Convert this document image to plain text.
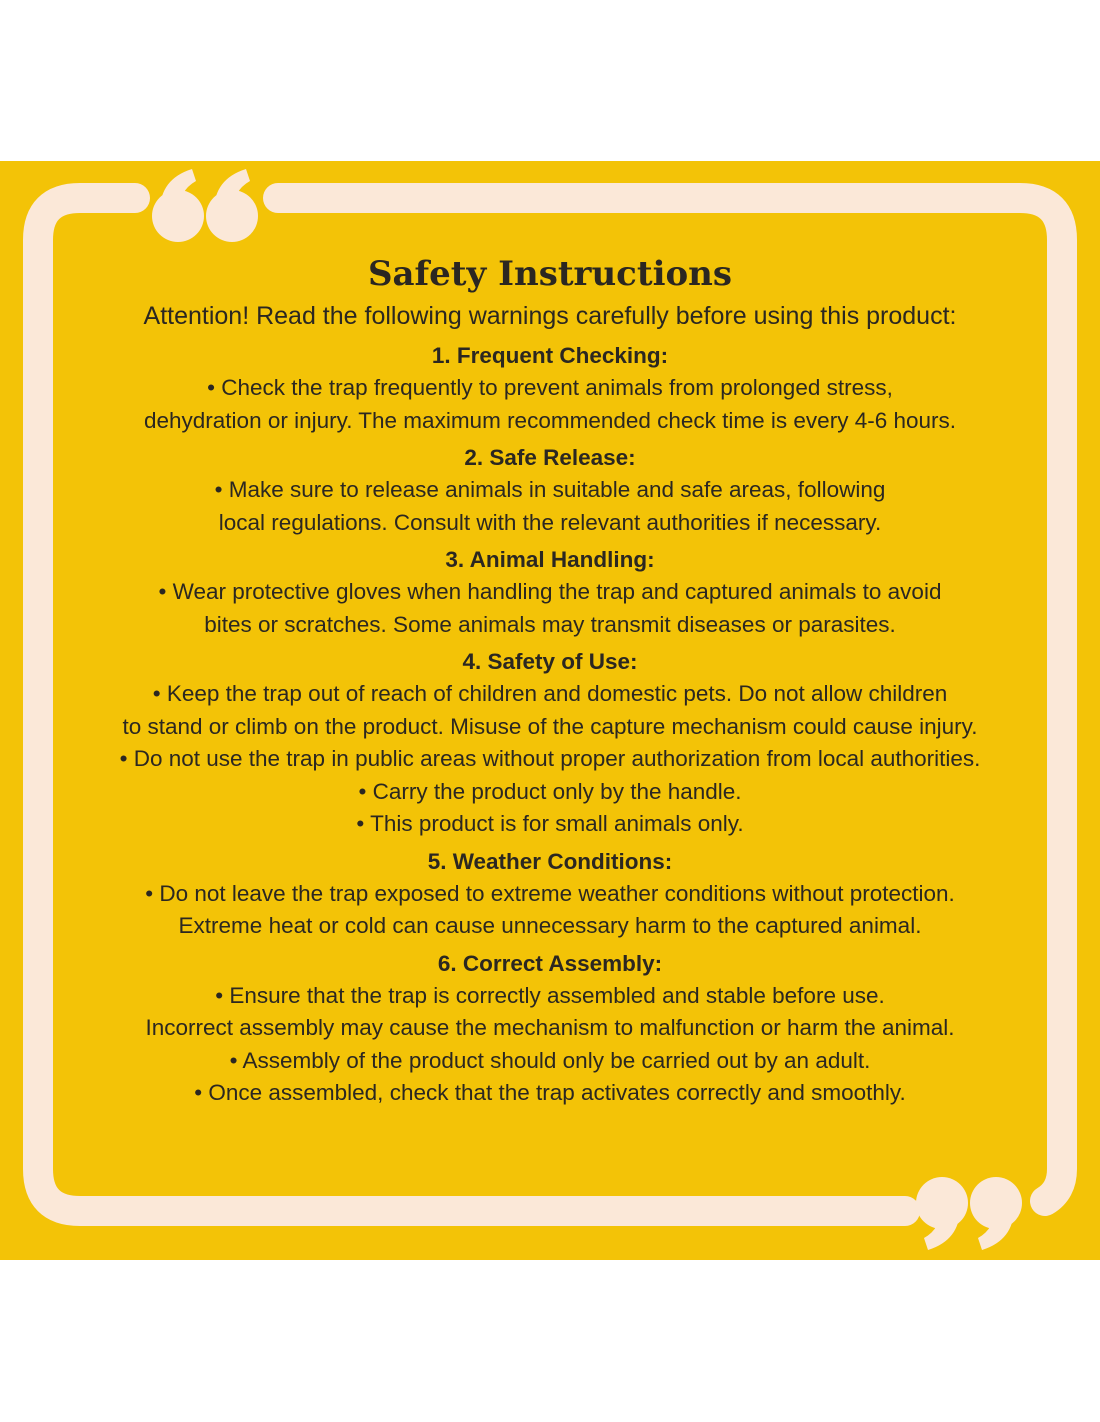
Safety Instructions

Attention! Read the following warnings carefully before using this product:

1. Frequent Checking:

• Check the trap frequently to prevent animals from prolonged stress,

dehydration or injury. The maximum recommended check time is every 4-6 hours.

2. Safe Release:

• Make sure to release animals in suitable and safe areas, following

local regulations. Consult with the relevant authorities if necessary.

3. Animal Handling:

• Wear protective gloves when handling the trap and captured animals to avoid

bites or scratches. Some animals may transmit diseases or parasites.

4. Safety of Use:

• Keep the trap out of reach of children and domestic pets. Do not allow children

to stand or climb on the product. Misuse of the capture mechanism could cause injury.

• Do not use the trap in public areas without proper authorization from local authorities.

• Carry the product only by the handle.

• This product is for small animals only.

5. Weather Conditions:

• Do not leave the trap exposed to extreme weather conditions without protection.

Extreme heat or cold can cause unnecessary harm to the captured animal.

6. Correct Assembly:

• Ensure that the trap is correctly assembled and stable before use.

Incorrect assembly may cause the mechanism to malfunction or harm the animal.

• Assembly of the product should only be carried out by an adult.

• Once assembled, check that the trap activates correctly and smoothly.
